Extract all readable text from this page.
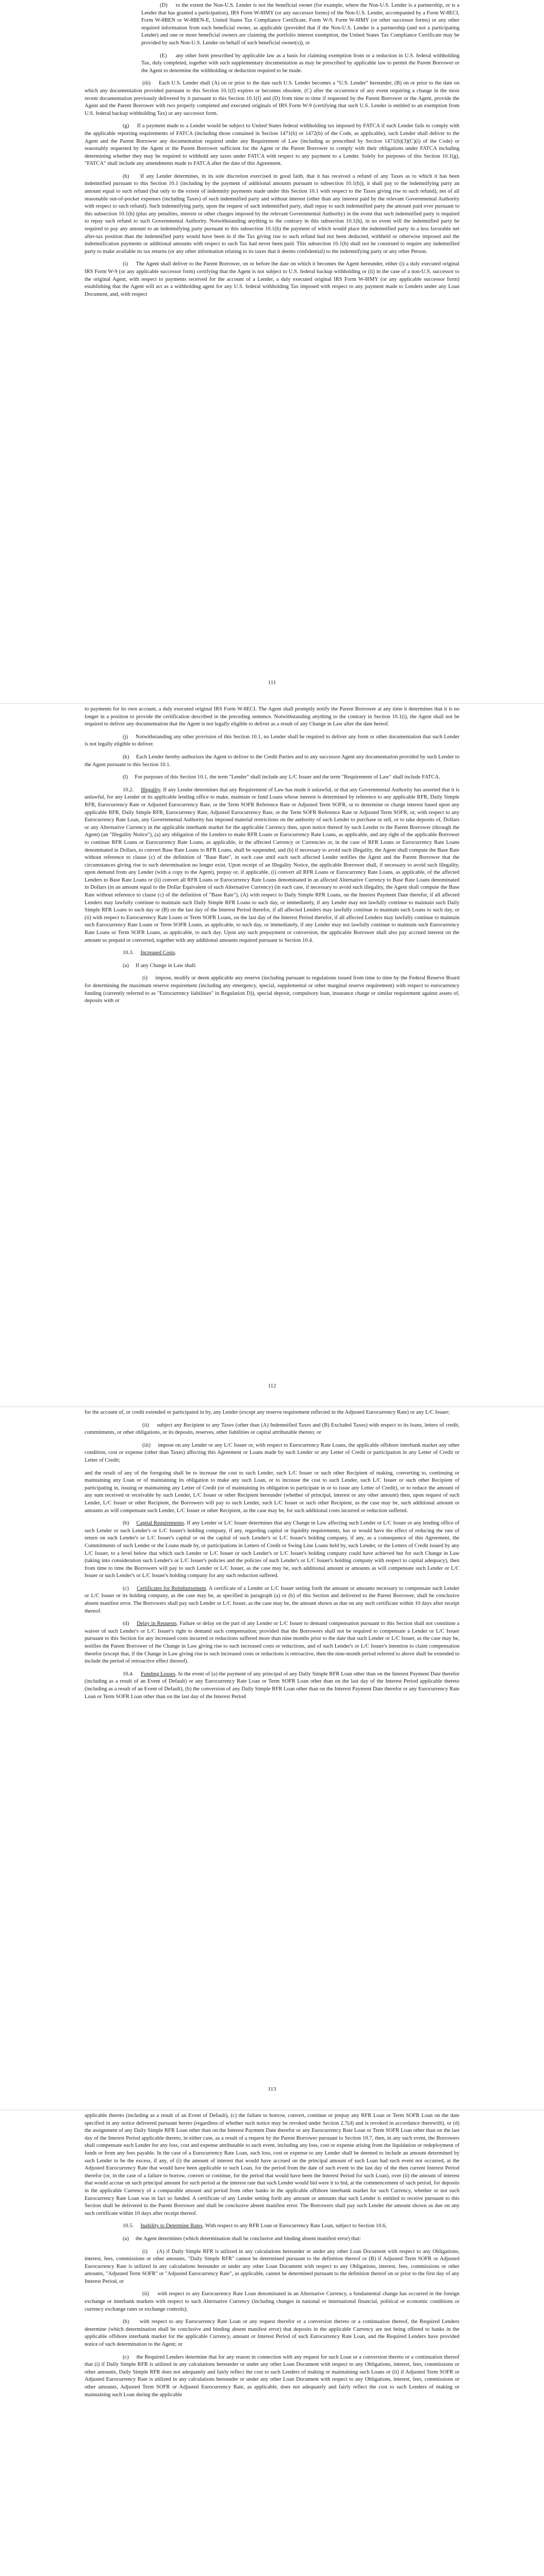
(D) to the extent the Non-U.S. Lender is not the beneficial owner (for example, where the Non-U.S. Lender is a partnership, or is a Lender that has granted a participation), IRS Form W-8IMY (or any successor forms) of the Non-U.S. Lender, accompanied by a Form W-8ECI, Form W-8BEN or W-8BEN-E, United States Tax Compliance Certificate, Form W-9, Form W-8IMY (or other successor forms) or any other required information from each beneficial owner, as applicable (provided that if the Non-U.S. Lender is a partnership (and not a participating Lender) and one or more beneficial owners are claiming the portfolio interest exemption, the United States Tax Compliance Certificate may be provided by such Non-U.S. Lender on behalf of such beneficial owner(s)), or

(E) any other form prescribed by applicable law as a basis for claiming exemption from or a reduction in U.S. federal withholding Tax, duly completed, together with such supplementary documentation as may be prescribed by applicable law to permit the Parent Borrower or the Agent to determine the withholding or deduction required to be made.

(iii) Each U.S. Lender shall (A) on or prior to the date such U.S. Lender becomes a "U.S. Lender" hereunder, (B) on or prior to the date on which any documentation provided pursuant to this Section 10.1(f) expires or becomes obsolete, (C) after the occurrence of any event requiring a change in the most recent documentation previously delivered by it pursuant to this Section 10.1(f) and (D) from time to time if requested by the Parent Borrower or the Agent, provide the Agent and the Parent Borrower with two properly completed and executed originals of IRS Form W-9 (certifying that such U.S. Lender is entitled to an exemption from U.S. federal backup withholding Tax) or any successor form.

(g) If a payment made to a Lender would be subject to United States federal withholding tax imposed by FATCA if such Lender fails to comply with the applicable reporting requirements of FATCA (including those contained in Section 1471(b) or 1472(b) of the Code, as applicable), such Lender shall deliver to the Agent and the Parent Borrower any documentation required under any Requirement of Law (including as prescribed by Section 1471(b)(3)(C)(i) of the Code) or reasonably requested by the Agent or the Parent Borrower sufficient for the Agent or the Parent Borrower to comply with their obligations under FATCA including determining whether they may be required to withhold any taxes under FATCA with respect to any payment to a Lender. Solely for purposes of this Section 10.1(g), "FATCA" shall include any amendments made to FATCA after the date of this Agreement.

(h) If any Lender determines, in its sole discretion exercised in good faith, that it has received a refund of any Taxes as to which it has been indemnified pursuant to this Section 10.1 (including by the payment of additional amounts pursuant to subsection 10.1(b)), it shall pay to the indemnifying party an amount equal to such refund (but only to the extent of indemnity payments made under this Section 10.1 with respect to the Taxes giving rise to such refund), net of all reasonable out-of-pocket expenses (including Taxes) of such indemnified party and without interest (other than any interest paid by the relevant Governmental Authority with respect to such refund). Such indemnifying party, upon the request of such indemnified party, shall repay to such indemnified party the amount paid over pursuant to this subsection 10.1(h) (plus any penalties, interest or other charges imposed by the relevant Governmental Authority) in the event that such indemnified party is required to repay such refund to such Governmental Authority. Notwithstanding anything to the contrary in this subsection 10.1(h), in no event will the indemnified party be required to pay any amount to an indemnifying party pursuant to this subsection 10.1(h) the payment of which would place the indemnified party in a less favorable net after-tax position than the indemnified party would have been in if the Tax giving rise to such refund had not been deducted, withheld or otherwise imposed and the indemnification payments or additional amounts with respect to such Tax had never been paid. This subsection 10.1(h) shall not be construed to require any indemnified party to make available its tax returns (or any other information relating to its taxes that it deems confidential) to the indemnifying party or any other Person.

(i) The Agent shall deliver to the Parent Borrower, on or before the date on which it becomes the Agent hereunder, either (i) a duly executed original IRS Form W-9 (or any applicable successor form) certifying that the Agent is not subject to U.S. federal backup withholding or (ii) in the case of a non-U.S. successor to the original Agent, with respect to payments received for the account of a Lender, a duly executed original IRS Form W-8IMY (or any applicable successor form) establishing that the Agent will act as a withholding agent for any U.S. federal withholding Tax imposed with respect to any payment made to Lenders under any Loan Document, and, with respect

111

to payments for its own account, a duly executed original IRS Form W-8ECI. The Agent shall promptly notify the Parent Borrower at any time it determines that it is no longer in a position to provide the certification described in the preceding sentence. Notwithstanding anything to the contrary in Section 10.1(i), the Agent shall not be required to deliver any documentation that the Agent is not legally eligible to deliver as a result of any Change in Law after the date hereof.

(j) Notwithstanding any other provision of this Section 10.1, no Lender shall be required to deliver any form or other documentation that such Lender is not legally eligible to deliver.

(k) Each Lender hereby authorizes the Agent to deliver to the Credit Parties and to any successor Agent any documentation provided by such Lender to the Agent pursuant to this Section 10.1.

(l) For purposes of this Section 10.1, the term "Lender" shall include any L/C Issuer and the term "Requirement of Law" shall include FATCA.

10.2. Illegality. If any Lender determines that any Requirement of Law has made it unlawful, or that any Governmental Authority has asserted that it is unlawful, for any Lender or its applicable lending office to make, maintain or fund Loans whose interest is determined by reference to any applicable RFR, Daily Simple RFR, Eurocurrency Rate or Adjusted Eurocurrency Rate, or the Term SOFR Reference Rate or Adjusted Term SOFR, or to determine or charge interest based upon any applicable RFR, Daily Simple RFR, Eurocurrency Rate, Adjusted Eurocurrency Rate, or the Term SOFR Reference Rate or Adjusted Term SOFR, or, with respect to any Eurocurrency Rate Loan, any Governmental Authority has imposed material restrictions on the authority of such Lender to purchase or sell, or to take deposits of, Dollars or any Alternative Currency in the applicable interbank market for the applicable Currency then, upon notice thereof by such Lender to the Parent Borrower (through the Agent) (an "Illegality Notice"), (a) any obligation of the Lenders to make RFR Loans or Eurocurrency Rate Loans, as applicable, and any right of the applicable Borrower to continue RFR Loans or Eurocurrency Rate Loans, as applicable, in the affected Currency or Currencies or, in the case of RFR Loans or Eurocurrency Rate Loans denominated in Dollars, to convert Base Rate Loans to RFR Loans, shall be suspended, and (b) if necessary to avoid such illegality, the Agent shall compute the Base Rate without reference to clause (c) of the definition of "Base Rate", in each case until each such affected Lender notifies the Agent and the Parent Borrower that the circumstances giving rise to such determination no longer exist. Upon receipt of an Illegality Notice, the applicable Borrower shall, if necessary to avoid such illegality, upon demand from any Lender (with a copy to the Agent), prepay or, if applicable, (i) convert all RFR Loans or Eurocurrency Rate Loans, as applicable, of the affected Lenders to Base Rate Loans or (ii) convert all RFR Loans or Eurocurrency Rate Loans denominated in an affected Alternative Currency to Base Rate Loans denominated in Dollars (in an amount equal to the Dollar Equivalent of such Alternative Currency) (in each case, if necessary to avoid such illegality, the Agent shall compute the Base Rate without reference to clause (c) of the definition of "Base Rate"), (A) with respect to Daily Simple RFR Loans, on the Interest Payment Date therefor, if all affected Lenders may lawfully continue to maintain such Daily Simple RFR Loans to such day, or immediately, if any Lender may not lawfully continue to maintain such Daily Simple RFR Loans to such day or (B) on the last day of the Interest Period therefor, if all affected Lenders may lawfully continue to maintain such Loans to such day, or (ii) with respect to Eurocurrency Rate Loans or Term SOFR Loans, on the last day of the Interest Period therefor, if all affected Lenders may lawfully continue to maintain such Eurocurrency Rate Loans or Term SOFR Loans, as applicable, to such day, or immediately, if any Lender may not lawfully continue to maintain such Eurocurrency Rate Loans or Term SOFR Loans, as applicable, to such day. Upon any such prepayment or conversion, the applicable Borrower shall also pay accrued interest on the amount so prepaid or converted, together with any additional amounts required pursuant to Section 10.4.

10.3. Increased Costs.

(a) If any Change in Law shall:

(i) impose, modify or deem applicable any reserve (including pursuant to regulations issued from time to time by the Federal Reserve Board for determining the maximum reserve requirement (including any emergency, special, supplemental or other marginal reserve requirement) with respect to eurocurrency funding (currently referred to as "Eurocurrency liabilities" in Regulation D)), special deposit, compulsory loan, insurance charge or similar requirement against assets of, deposits with or

112

for the account of, or credit extended or participated in by, any Lender (except any reserve requirement reflected in the Adjusted Eurocurrency Rate) or any L/C Issuer;

(ii) subject any Recipient to any Taxes (other than (A) Indemnified Taxes and (B) Excluded Taxes) with respect to its loans, letters of credit, commitments, or other obligations, or its deposits, reserves, other liabilities or capital attributable thereto; or

(iii) impose on any Lender or any L/C Issuer or, with respect to Eurocurrency Rate Loans, the applicable offshore interbank market any other condition, cost or expense (other than Taxes) affecting this Agreement or Loans made by such Lender or any Letter of Credit or participation in any Letter of Credit or Letter of Credit;

and the result of any of the foregoing shall be to increase the cost to such Lender, such L/C Issuer or such other Recipient of making, converting to, continuing or maintaining any Loan or of maintaining its obligation to make any such Loan, or to increase the cost to such Lender, such L/C Issuer or such other Recipient of participating in, issuing or maintaining any Letter of Credit (or of maintaining its obligation to participate in or to issue any Letter of Credit), or to reduce the amount of any sum received or receivable by such Lender, L/C Issuer or other Recipient hereunder (whether of principal, interest or any other amount) then, upon request of such Lender, L/C Issuer or other Recipient, the Borrowers will pay to such Lender, such L/C Issuer or such other Recipient, as the case may be, such additional amount or amounts as will compensate such Lender, L/C Issuer or other Recipient, as the case may be, for such additional costs incurred or reduction suffered.

(b) Capital Requirements. If any Lender or L/C Issuer determines that any Change in Law affecting such Lender or L/C Issuer or any lending office of such Lender or such Lender's or L/C Issuer's holding company, if any, regarding capital or liquidity requirements, has or would have the effect of reducing the rate of return on such Lender's or L/C Issuer's capital or on the capital of such Lender's or L/C Issuer's holding company, if any, as a consequence of this Agreement, the Commitments of such Lender or the Loans made by, or participations in Letters of Credit or Swing Line Loans held by, such Lender, or the Letters of Credit issued by any L/C Issuer, to a level below that which such Lender or L/C Issuer or such Lender's or L/C Issuer's holding company could have achieved but for such Change in Law (taking into consideration such Lender's or L/C Issuer's policies and the policies of such Lender's or L/C Issuer's holding company with respect to capital adequacy), then from time to time the Borrowers will pay to such Lender or L/C Issuer, as the case may be, such additional amount or amounts as will compensate such Lender or L/C Issuer or such Lender's or L/C Issuer's holding company for any such reduction suffered.

(c) Certificates for Reimbursement. A certificate of a Lender or L/C Issuer setting forth the amount or amounts necessary to compensate such Lender or L/C Issuer or its holding company, as the case may be, as specified in paragraph (a) or (b) of this Section and delivered to the Parent Borrower, shall be conclusive absent manifest error. The Borrowers shall pay such Lender or L/C Issuer, as the case may be, the amount shown as due on any such certificate within 10 days after receipt thereof.

(d) Delay in Requests. Failure or delay on the part of any Lender or L/C Issuer to demand compensation pursuant to this Section shall not constitute a waiver of such Lender's or L/C Issuer's right to demand such compensation; provided that the Borrowers shall not be required to compensate a Lender or L/C Issuer pursuant to this Section for any increased costs incurred or reductions suffered more than nine months prior to the date that such Lender or L/C Issuer, as the case may be, notifies the Parent Borrower of the Change in Law giving rise to such increased costs or reductions, and of such Lender's or L/C Issuer's intention to claim compensation therefor (except that, if the Change in Law giving rise to such increased costs or reductions is retroactive, then the nine-month period referred to above shall be extended to include the period of retroactive effect thereof).

10.4. Funding Losses. In the event of (a) the payment of any principal of any Daily Simple RFR Loan other than on the Interest Payment Date therefor (including as a result of an Event of Default) or any Eurocurrency Rate Loan or Term SOFR Loan other than on the last day of the Interest Period applicable thereto (including as a result of an Event of Default), (b) the conversion of any Daily Simple RFR Loan other than on the Interest Payment Date therefor or any Eurocurrency Rate Loan or Term SOFR Loan other than on the last day of the Interest Period

113

applicable thereto (including as a result of an Event of Default), (c) the failure to borrow, convert, continue or prepay any RFR Loan or Term SOFR Loan on the date specified in any notice delivered pursuant hereto (regardless of whether such notice may be revoked under Section 2.7(d) and is revoked in accordance therewith), or (d) the assignment of any Daily Simple RFR Loan other than on the Interest Payment Date therefor or any Eurocurrency Rate Loan or Term SOFR Loan other than on the last day of the Interest Period applicable thereto, in either case, as a result of a request by the Parent Borrower pursuant to Section 10.7, then, in any such event, the Borrowers shall compensate each Lender for any loss, cost and expense attributable to such event, including any loss, cost or expense arising from the liquidation or redeployment of funds or from any fees payable. In the case of a Eurocurrency Rate Loan, such loss, cost or expense to any Lender shall be deemed to include an amount determined by such Lender to be the excess, if any, of (i) the amount of interest that would have accrued on the principal amount of such Loan had such event not occurred, at the Adjusted Eurocurrency Rate that would have been applicable to such Loan, for the period from the date of such event to the last day of the then current Interest Period therefor (or, in the case of a failure to borrow, convert or continue, for the period that would have been the Interest Period for such Loan), over (ii) the amount of interest that would accrue on such principal amount for such period at the interest rate that such Lender would bid were it to bid, at the commencement of such period, for deposits in the applicable Currency of a comparable amount and period from other banks in the applicable offshore interbank market for such Currency, whether or not such Eurocurrency Rate Loan was in fact so funded. A certificate of any Lender setting forth any amount or amounts that such Lender is entitled to receive pursuant to this Section shall be delivered to the Parent Borrower and shall be conclusive absent manifest error. The Borrowers shall pay such Lender the amount shown as due on any such certificate within 10 days after receipt thereof.

10.5. Inability to Determine Rates. With respect to any RFR Loan or Eurocurrency Rate Loan, subject to Section 10.6,

(a) the Agent determines (which determination shall be conclusive and binding absent manifest error) that:

(i) (A) if Daily Simple RFR is utilized in any calculations hereunder or under any other Loan Document with respect to any Obligations, interest, fees, commissions or other amounts, "Daily Simple RFR" cannot be determined pursuant to the definition thereof or (B) if Adjusted Term SOFR or Adjusted Eurocurrency Rate is utilized in any calculations hereunder or under any other Loan Document with respect to any Obligations, interest, fees, commissions or other amounts, "Adjusted Term SOFR" or "Adjusted Eurocurrency Rate", as applicable, cannot be determined pursuant to the definition thereof on or prior to the first day of any Interest Period, or

(ii) with respect to any Eurocurrency Rate Loan denominated in an Alternative Currency, a fundamental change has occurred in the foreign exchange or interbank markets with respect to such Alternative Currency (including changes in national or international financial, political or economic conditions or currency exchange rates or exchange controls);

(b) with respect to any Eurocurrency Rate Loan or any request therefor or a conversion thereto or a continuation thereof, the Required Lenders determine (which determination shall be conclusive and binding absent manifest error) that deposits in the applicable Currency are not being offered to banks in the applicable offshore interbank market for the applicable Currency, amount or Interest Period of such Eurocurrency Rate Loan, and the Required Lenders have provided notice of such determination to the Agent; or

(c) the Required Lenders determine that for any reason in connection with any request for such Loan or a conversion thereto or a continuation thereof that (i) if Daily Simple RFR is utilized in any calculations hereunder or under any other Loan Document with respect to any Obligations, interest, fees, commissions or other amounts, Daily Simple RFR does not adequately and fairly reflect the cost to such Lenders of making or maintaining such Loans or (ii) if Adjusted Term SOFR or Adjusted Eurocurrency Rate is utilized in any calculations hereunder or under any other Loan Document with respect to any Obligations, interest, fees, commissions or other amounts, Adjusted Term SOFR or Adjusted Eurocurrency Rate, as applicable, does not adequately and fairly reflect the cost to such Lenders of making or maintaining such Loan during the applicable
